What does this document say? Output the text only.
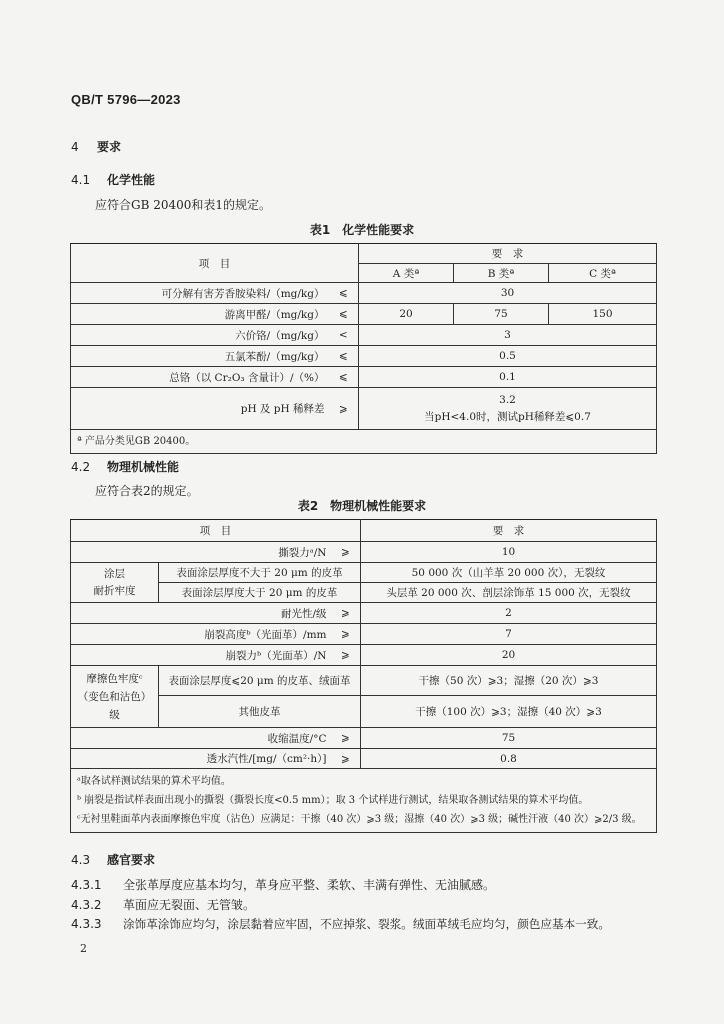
QB/T 5796—2023
4 要求
4.1 化学性能
应符合GB 20400和表1的规定。
表1　化学性能要求
项　目		要　求		
		A 类ª	B 类ª	C 类ª
可分解有害芳香胺染料/（mg/kg）	⩽	30		
游离甲醛/（mg/kg）	⩽	20	75	150
六价铬/（mg/kg）	<	3		
五氯苯酚/（mg/kg）	⩽	0.5		
总铬（以 Cr₂O₃ 含量计）/（%）	⩽	0.1		
pH 及 pH 稀释差	⩾	3.2
当pH<4.0时，测试pH稀释差⩽0.7		

ª 产品分类见GB 20400。				
4.2 物理机械性能
应符合表2的规定。
表2　物理机械性能要求
项　目			要　求
撕裂力ᵃ/N		⩾	10
涂层
耐折牢度	表面涂层厚度不大于 20 μm 的皮革		50 000 次（山羊革 20 000 次），无裂纹
	表面涂层厚度大于 20 μm 的皮革		头层革 20 000 次、剖层涂饰革 15 000 次，无裂纹
耐光性/级		⩾	2
崩裂高度ᵇ（光面革）/mm		⩾	7
崩裂力ᵇ（光面革）/N		⩾	20
摩擦色牢度ᶜ
（变色和沾色）
级	表面涂层厚度⩽20 μm 的皮革、绒面革		干擦（50 次）⩾3；湿擦（20 次）⩾3
	其他皮革		干擦（100 次）⩾3；湿擦（40 次）⩾3
收缩温度/°C		⩾	75
透水汽性/[mg/（cm²·h）]		⩾	0.8

ᵃ取各试样测试结果的算术平均值。
ᵇ 崩裂是指试样表面出现小的撕裂（撕裂长度<0.5 mm）；取 3 个试样进行测试，结果取各测试结果的算术平均值。
ᶜ无衬里鞋面革内表面摩擦色牢度（沾色）应满足：干擦（40 次）⩾3 级；湿擦（40 次）⩾3 级；碱性汗液（40 次）⩾2/3 级。			
4.3 感官要求
4.3.1 全张革厚度应基本均匀，革身应平整、柔软、丰满有弹性、无油腻感。
4.3.2 革面应无裂面、无管皱。
4.3.3 涂饰革涂饰应均匀，涂层黏着应牢固，不应掉浆、裂浆。绒面革绒毛应均匀，颜色应基本一致。
2
